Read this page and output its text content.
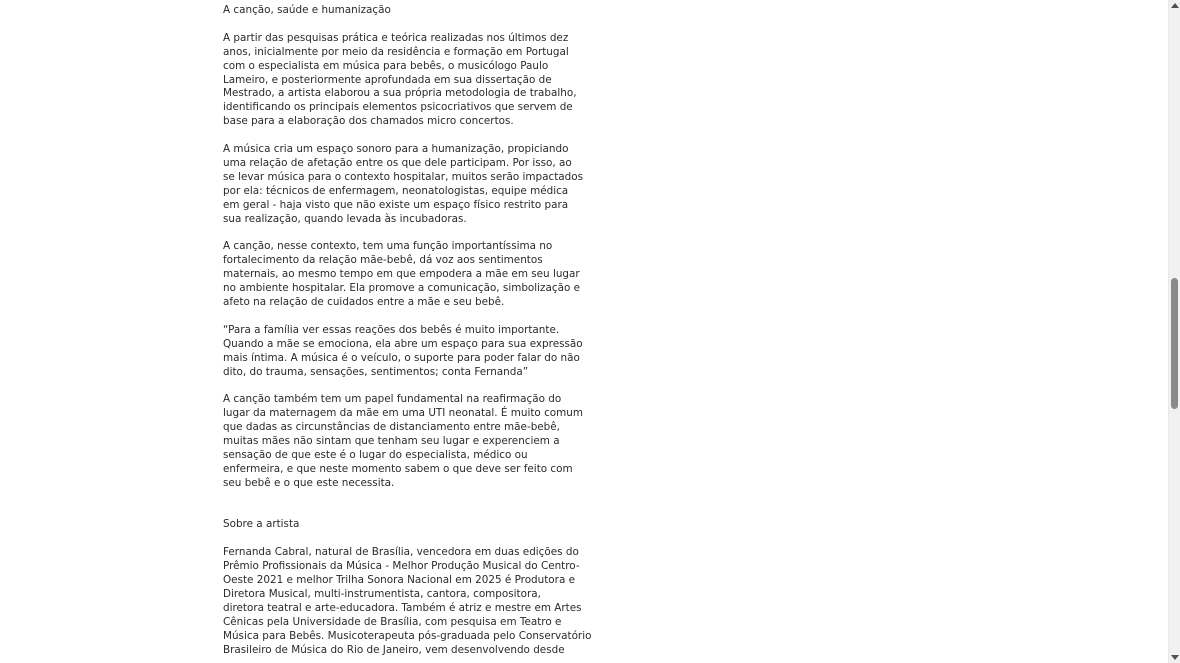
A canção, saúde e humanização
A partir das pesquisas prática e teórica realizadas nos últimos dez
anos, inicialmente por meio da residência e formação em Portugal
com o especialista em música para bebês, o musicólogo Paulo
Lameiro, e posteriormente aprofundada em sua dissertação de
Mestrado, a artista elaborou a sua própria metodologia de trabalho,
identificando os principais elementos psicocriativos que servem de
base para a elaboração dos chamados micro concertos.
A música cria um espaço sonoro para a humanização, propiciando
uma relação de afetação entre os que dele participam. Por isso, ao
se levar música para o contexto hospitalar, muitos serão impactados
por ela: técnicos de enfermagem, neonatologistas, equipe médica
em geral - haja visto que não existe um espaço físico restrito para
sua realização, quando levada às incubadoras.
A canção, nesse contexto, tem uma função importantíssima no
fortalecimento da relação mãe-bebê, dá voz aos sentimentos
maternais, ao mesmo tempo em que empodera a mãe em seu lugar
no ambiente hospitalar. Ela promove a comunicação, simbolização e
afeto na relação de cuidados entre a mãe e seu bebê.
“Para a família ver essas reações dos bebês é muito importante.
Quando a mãe se emociona, ela abre um espaço para sua expressão
mais íntima. A música é o veículo, o suporte para poder falar do não
dito, do trauma, sensações, sentimentos; conta Fernanda”
A canção também tem um papel fundamental na reafirmação do
lugar da maternagem da mãe em uma UTI neonatal. É muito comum
que dadas as circunstâncias de distanciamento entre mãe-bebê,
muitas mães não sintam que tenham seu lugar e experenciem a
sensação de que este é o lugar do especialista, médico ou
enfermeira, e que neste momento sabem o que deve ser feito com
seu bebê e o que este necessita.
Sobre a artista
Fernanda Cabral, natural de Brasília, vencedora em duas edições do
Prêmio Profissionais da Música - Melhor Produção Musical do Centro-
Oeste 2021 e melhor Trilha Sonora Nacional em 2025 é Produtora e
Diretora Musical, multi-instrumentista, cantora, compositora,
diretora teatral e arte-educadora. Também é atriz e mestre em Artes
Cênicas pela Universidade de Brasília, com pesquisa em Teatro e
Música para Bebês. Musicoterapeuta pós-graduada pelo Conservatório
Brasileiro de Música do Rio de Janeiro, vem desenvolvendo desde
